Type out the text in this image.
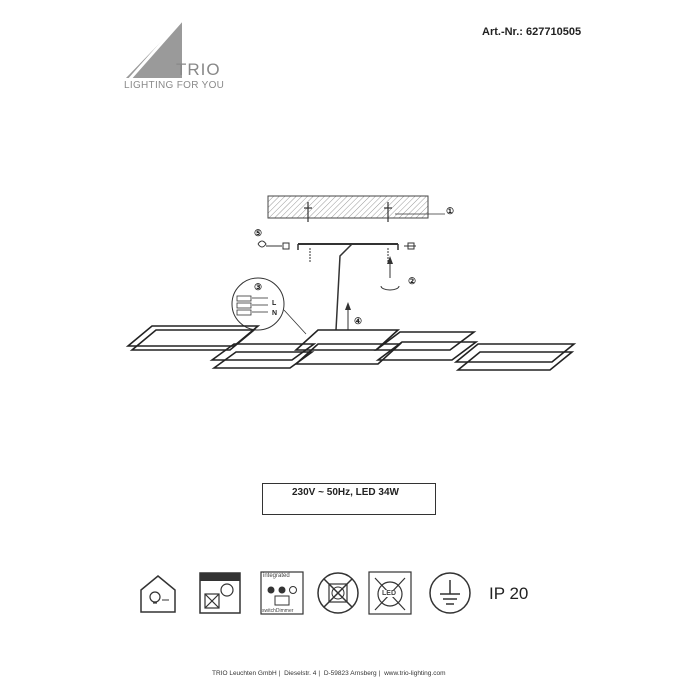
TRIO
LIGHTING FOR YOU
Art.-Nr.: 627710505
①
②
③
④
⑤
L
N
230V ~ 50Hz, LED 34W
integrated
switchDimmer
LED	IP 20
TRIO Leuchten GmbH | Dieselstr. 4 | D-59823 Arnsberg | www.trio-lighting.com
